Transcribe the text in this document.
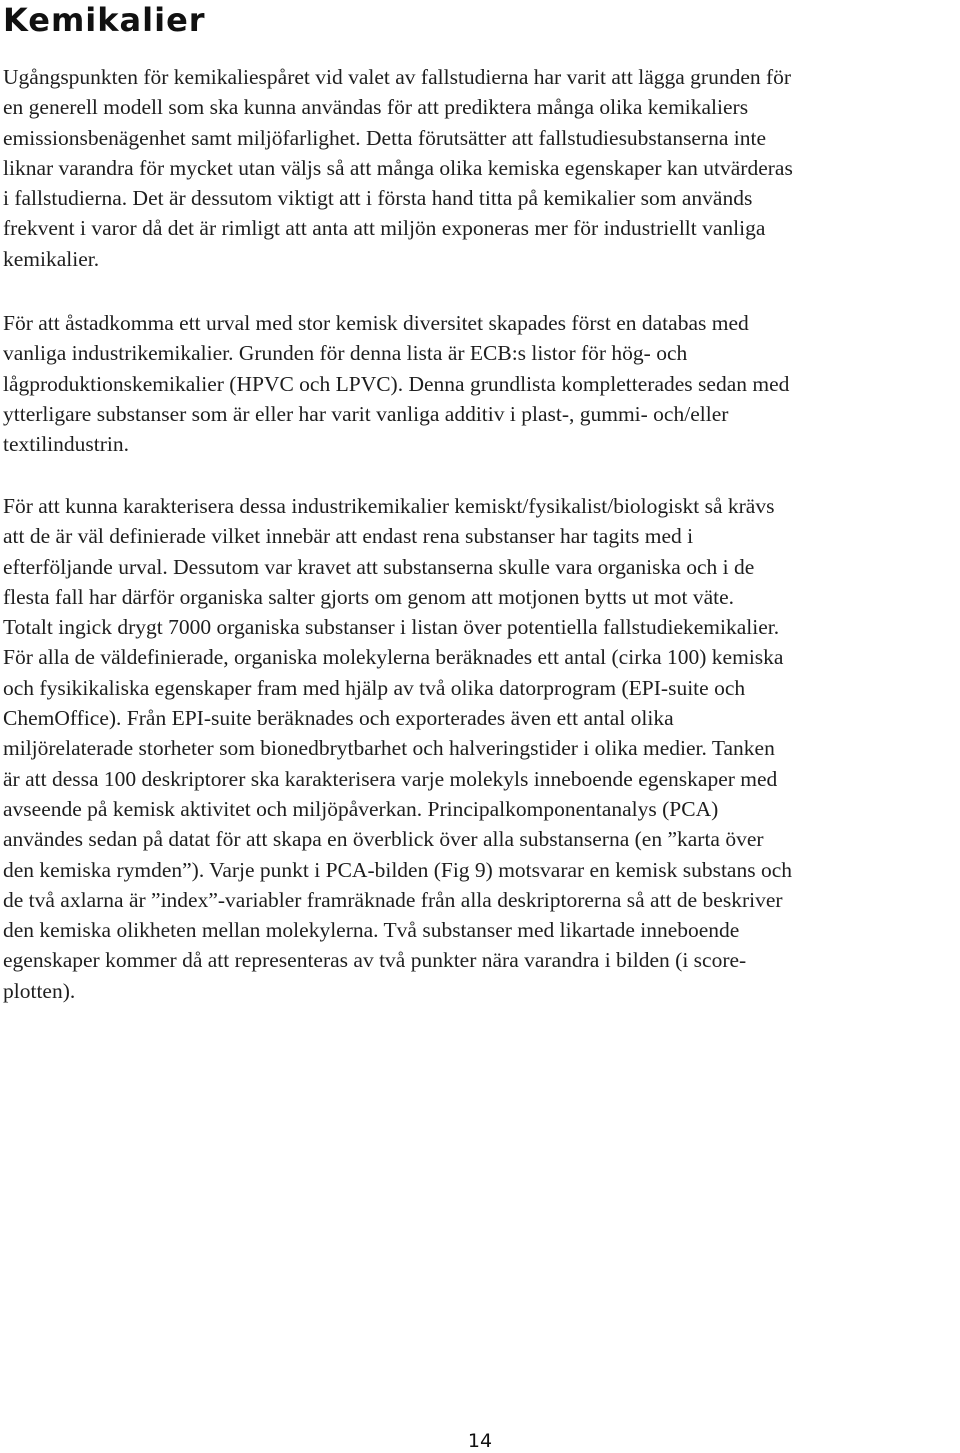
Kemikalier
Ugångspunkten för kemikaliespåret vid valet av fallstudierna har varit att lägga grunden för
en generell modell som ska kunna användas för att prediktera många olika kemikaliers
emissionsbenägenhet samt miljöfarlighet. Detta förutsätter att fallstudiesubstanserna inte
liknar varandra för mycket utan väljs så att många olika kemiska egenskaper kan utvärderas
i fallstudierna. Det är dessutom viktigt att i första hand titta på kemikalier som används
frekvent i varor då det är rimligt att anta att miljön exponeras mer för industriellt vanliga
kemikalier.
För att åstadkomma ett urval med stor kemisk diversitet skapades först en databas med
vanliga industrikemikalier. Grunden för denna lista är ECB:s listor för hög- och
lågproduktionskemikalier (HPVC och LPVC). Denna grundlista kompletterades sedan med
ytterligare substanser som är eller har varit vanliga additiv i plast-, gummi- och/eller
textilindustrin.
För att kunna karakterisera dessa industrikemikalier kemiskt/fysikalist/biologiskt så krävs
att de är väl definierade vilket innebär att endast rena substanser har tagits med i
efterföljande urval. Dessutom var kravet att substanserna skulle vara organiska och i de
flesta fall har därför organiska salter gjorts om genom att motjonen bytts ut mot väte.
Totalt ingick drygt 7000 organiska substanser i listan över potentiella fallstudiekemikalier.
För alla de väldefinierade, organiska molekylerna beräknades ett antal (cirka 100) kemiska
och fysikikaliska egenskaper fram med hjälp av två olika datorprogram (EPI-suite och
ChemOffice). Från EPI-suite beräknades och exporterades även ett antal olika
miljörelaterade storheter som bionedbrytbarhet och halveringstider i olika medier. Tanken
är att dessa 100 deskriptorer ska karakterisera varje molekyls inneboende egenskaper med
avseende på kemisk aktivitet och miljöpåverkan. Principalkomponentanalys (PCA)
användes sedan på datat för att skapa en överblick över alla substanserna (en ”karta över
den kemiska rymden”). Varje punkt i PCA-bilden (Fig 9) motsvarar en kemisk substans och
de två axlarna är ”index”-variabler framräknade från alla deskriptorerna så att de beskriver
den kemiska olikheten mellan molekylerna. Två substanser med likartade inneboende
egenskaper kommer då att representeras av två punkter nära varandra i bilden (i score-
plotten).
14
